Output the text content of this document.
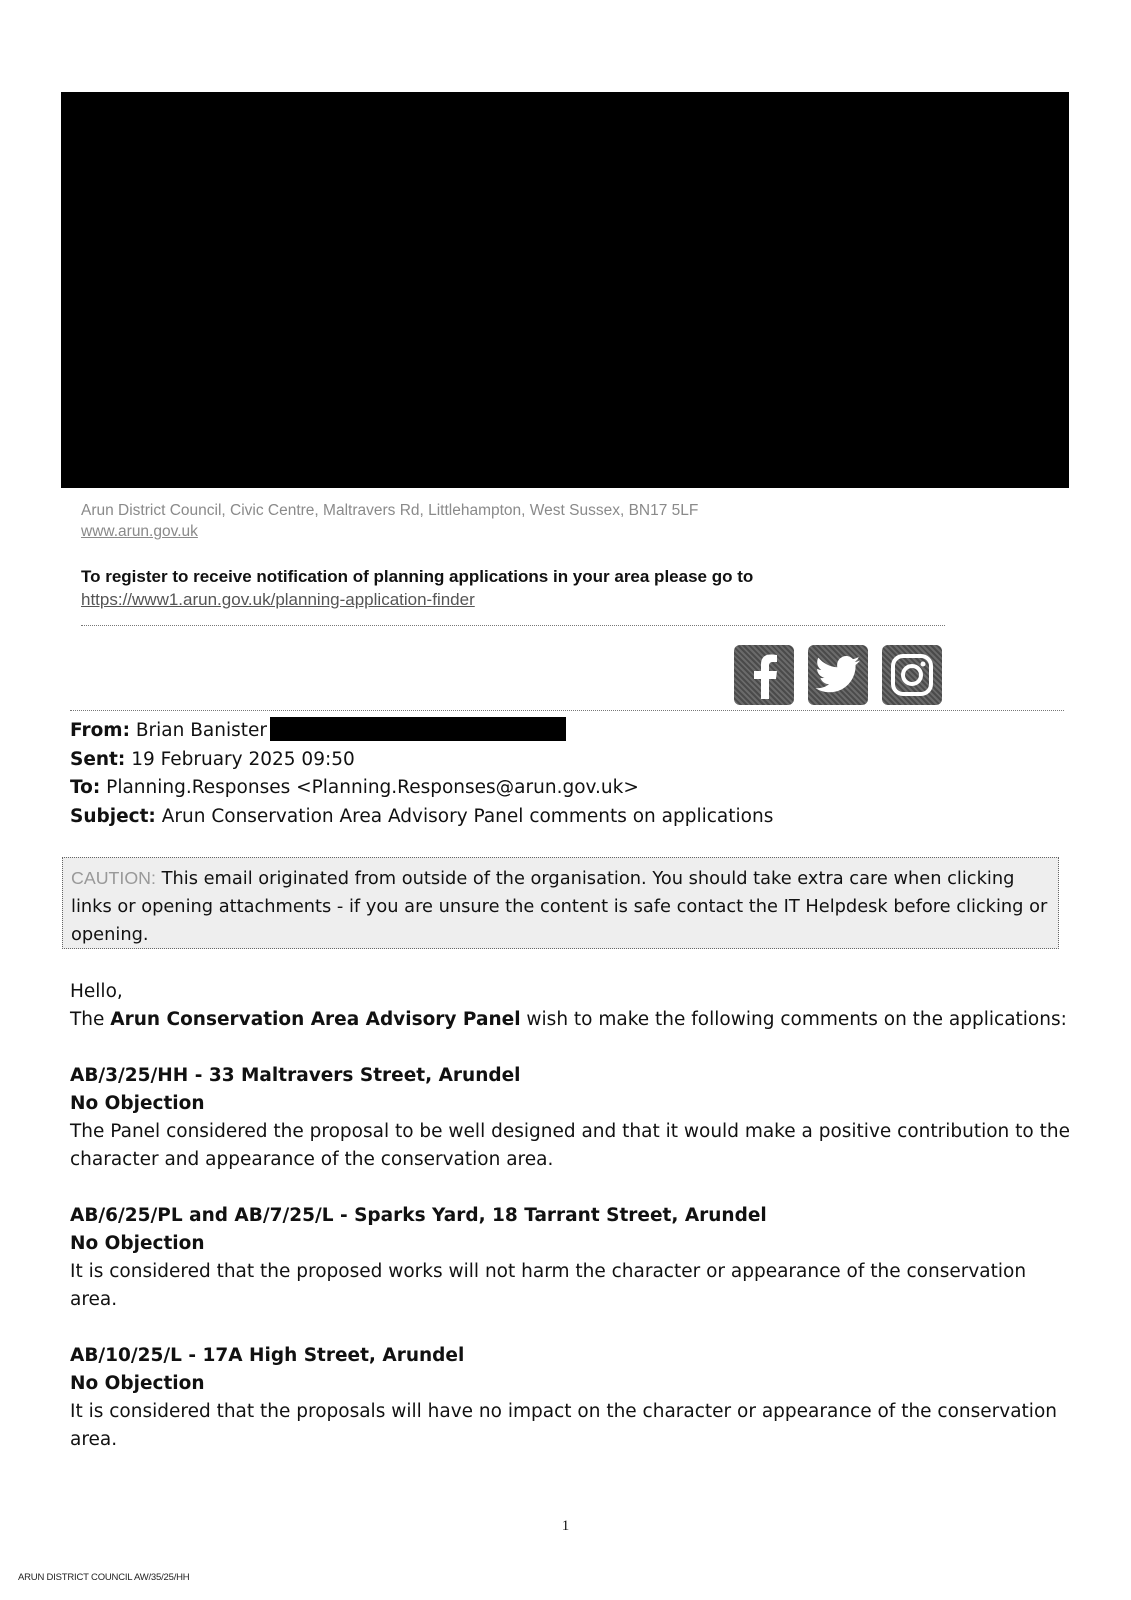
Arun District Council, Civic Centre, Maltravers Rd, Littlehampton, West Sussex, BN17 5LF
www.arun.gov.uk
To register to receive notification of planning applications in your area please go to
https://www1.arun.gov.uk/planning-application-finder
From: Brian Banister
Sent: 19 February 2025 09:50
To: Planning.Responses <Planning.Responses@arun.gov.uk>
Subject: Arun Conservation Area Advisory Panel comments on applications
CAUTION: This email originated from outside of the organisation. You should take extra care when clicking links or opening attachments - if you are unsure the content is safe contact the IT Helpdesk before clicking or opening.

Hello,

The Arun Conservation Area Advisory Panel wish to make the following comments on the applications:

AB/3/25/HH - 33 Maltravers Street, Arundel

No Objection

The Panel considered the proposal to be well designed and that it would make a positive contribution to the character and appearance of the conservation area.

AB/6/25/PL and AB/7/25/L - Sparks Yard, 18 Tarrant Street, Arundel

No Objection

It is considered that the proposed works will not harm the character or appearance of the conservation area.

AB/10/25/L - 17A High Street, Arundel

No Objection

It is considered that the proposals will have no impact on the character or appearance of the conservation area.

1
ARUN DISTRICT COUNCIL AW/35/25/HH
